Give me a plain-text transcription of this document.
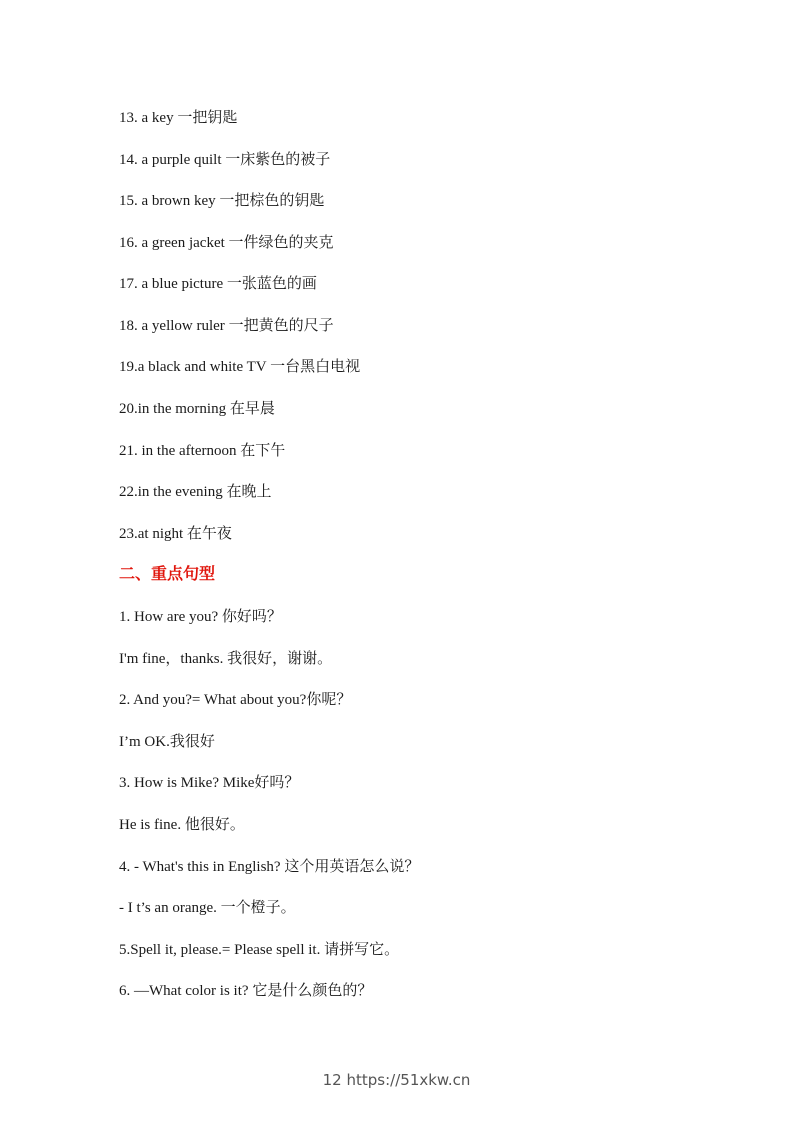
13. a key 一把钥匙
14. a purple quilt 一床紫色的被子
15. a brown key 一把棕色的钥匙
16. a green jacket 一件绿色的夹克
17. a blue picture 一张蓝色的画
18. a yellow ruler 一把黄色的尺子
19.a black and white TV 一台黑白电视
20.in the morning 在早晨
21. in the afternoon 在下午
22.in the evening 在晚上
23.at night 在午夜
二、重点句型
1. How are you? 你好吗？
I'm fine，thanks. 我很好，谢谢。
2. And you?= What about you?你呢？
I’m OK.我很好
3. How is Mike? Mike好吗？
He is fine. 他很好。
4. - What's this in English? 这个用英语怎么说？
- I t’s an orange. 一个橙子。
5.Spell it, please.= Please spell it. 请拼写它。
6. —What color is it? 它是什么颜色的？
12 https://51xkw.cn
